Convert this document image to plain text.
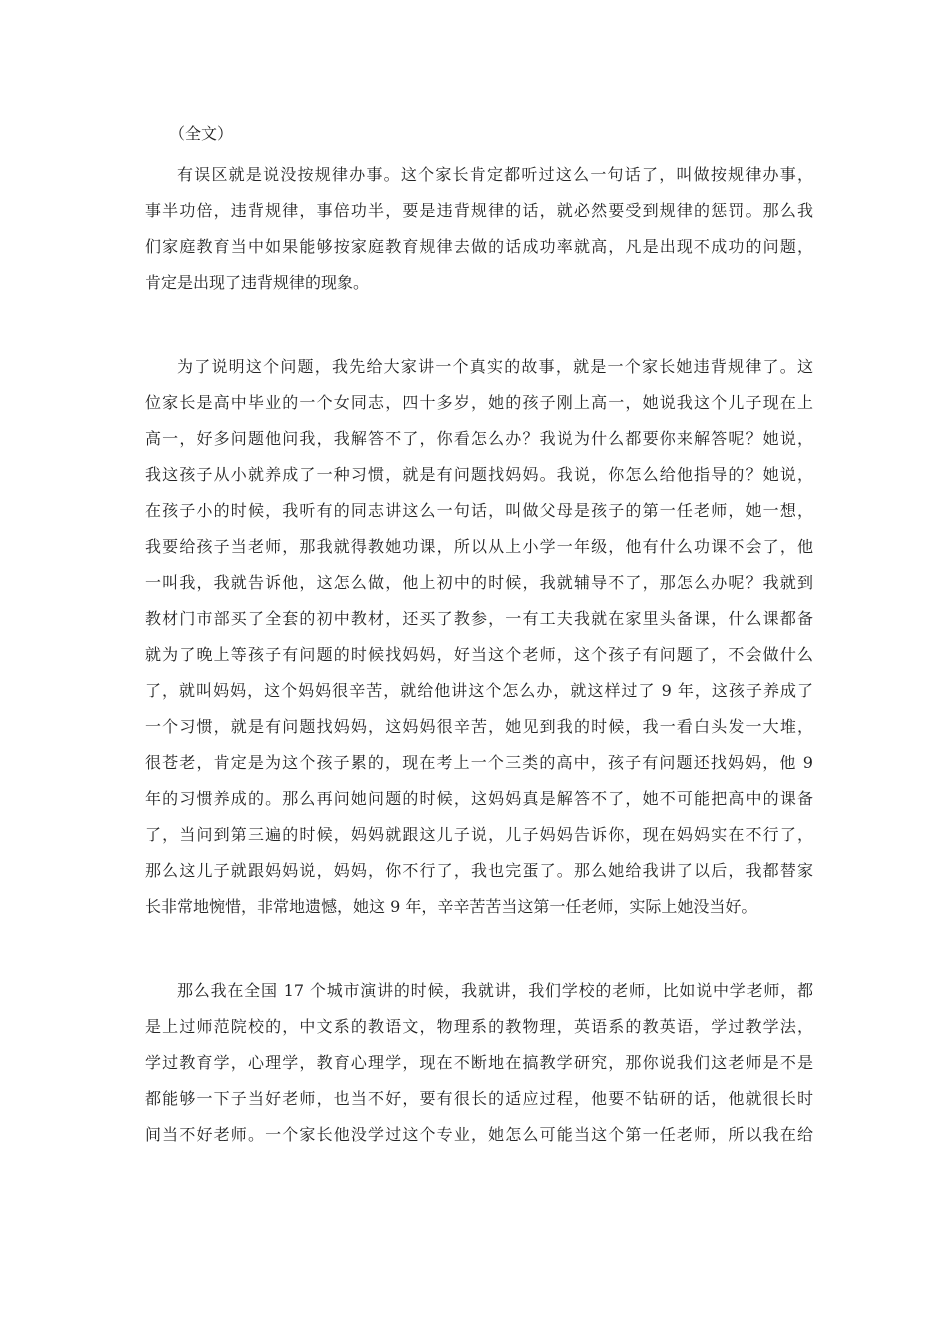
（全文）
有误区就是说没按规律办事。这个家长肯定都听过这么一句话了，叫做按规律办事，
事半功倍，违背规律，事倍功半，要是违背规律的话，就必然要受到规律的惩罚。那么我
们家庭教育当中如果能够按家庭教育规律去做的话成功率就高，凡是出现不成功的问题，
肯定是出现了违背规律的现象。
为了说明这个问题，我先给大家讲一个真实的故事，就是一个家长她违背规律了。这
位家长是高中毕业的一个女同志，四十多岁，她的孩子刚上高一，她说我这个儿子现在上
高一，好多问题他问我，我解答不了，你看怎么办？我说为什么都要你来解答呢？她说，
我这孩子从小就养成了一种习惯，就是有问题找妈妈。我说，你怎么给他指导的？她说，
在孩子小的时候，我听有的同志讲这么一句话，叫做父母是孩子的第一任老师，她一想，
我要给孩子当老师，那我就得教她功课，所以从上小学一年级，他有什么功课不会了，他
一叫我，我就告诉他，这怎么做，他上初中的时候，我就辅导不了，那怎么办呢？我就到
教材门市部买了全套的初中教材，还买了教参，一有工夫我就在家里头备课，什么课都备
就为了晚上等孩子有问题的时候找妈妈，好当这个老师，这个孩子有问题了，不会做什么
了，就叫妈妈，这个妈妈很辛苦，就给他讲这个怎么办，就这样过了 9 年，这孩子养成了
一个习惯，就是有问题找妈妈，这妈妈很辛苦，她见到我的时候，我一看白头发一大堆，
很苍老，肯定是为这个孩子累的，现在考上一个三类的高中，孩子有问题还找妈妈，他 9
年的习惯养成的。那么再问她问题的时候，这妈妈真是解答不了，她不可能把高中的课备
了，当问到第三遍的时候，妈妈就跟这儿子说，儿子妈妈告诉你，现在妈妈实在不行了，
那么这儿子就跟妈妈说，妈妈，你不行了，我也完蛋了。那么她给我讲了以后，我都替家
长非常地惋惜，非常地遗憾，她这 9 年，辛辛苦苦当这第一任老师，实际上她没当好。
那么我在全国 17 个城市演讲的时候，我就讲，我们学校的老师，比如说中学老师，都
是上过师范院校的，中文系的教语文，物理系的教物理，英语系的教英语，学过教学法，
学过教育学，心理学，教育心理学，现在不断地在搞教学研究，那你说我们这老师是不是
都能够一下子当好老师，也当不好，要有很长的适应过程，他要不钻研的话，他就很长时
间当不好老师。一个家长他没学过这个专业，她怎么可能当这个第一任老师，所以我在给
